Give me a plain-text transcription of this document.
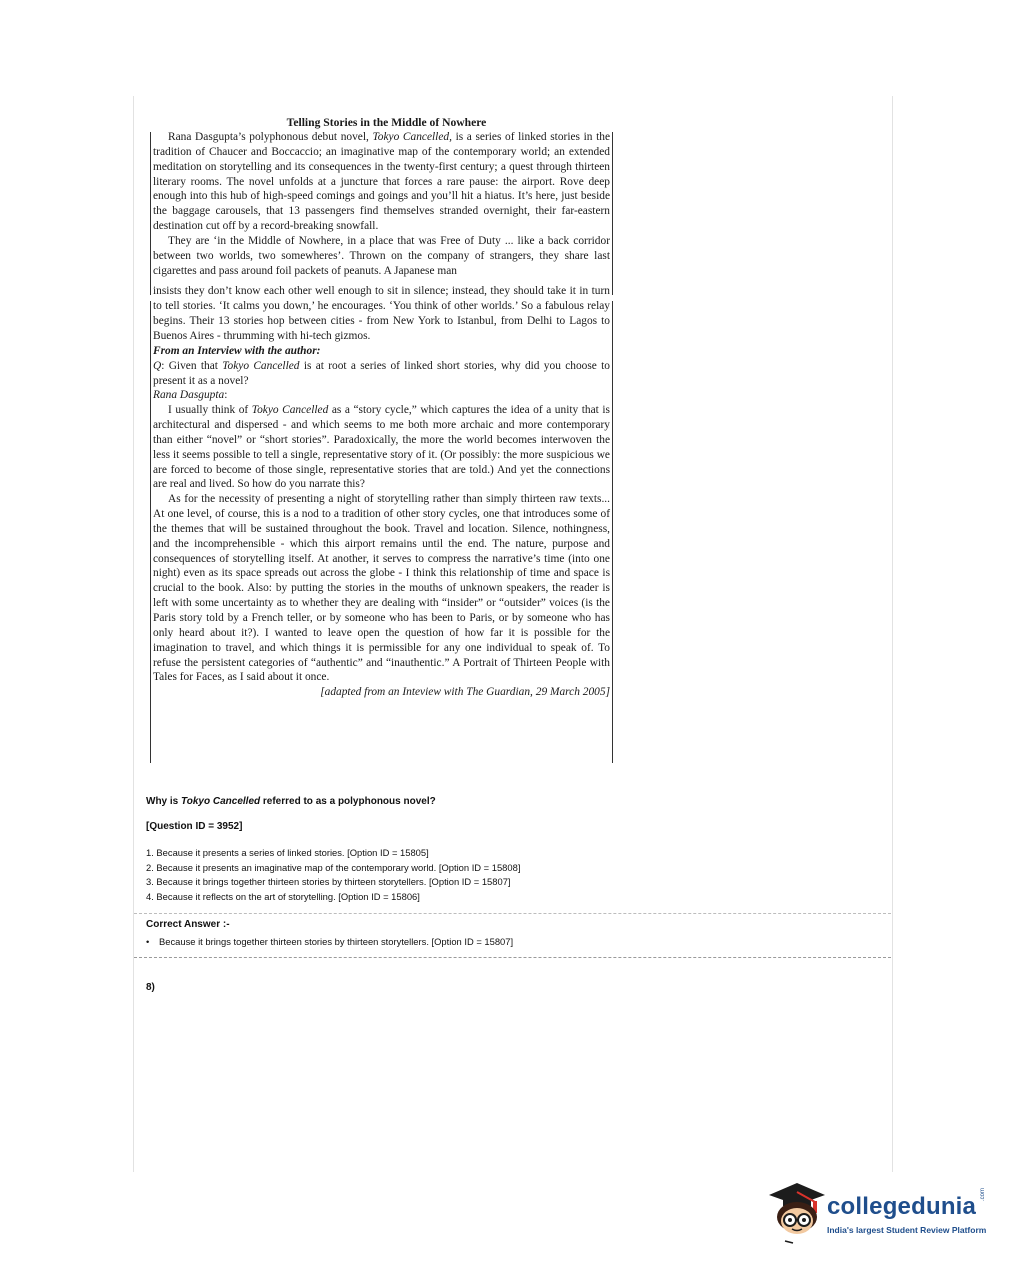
Telling Stories in the Middle of Nowhere

Rana Dasgupta’s polyphonous debut novel, Tokyo Cancelled, is a series of linked stories in the tradition of Chaucer and Boccaccio; an imaginative map of the contemporary world; an extended meditation on storytelling and its consequences in the twenty-first century; a quest through thirteen literary rooms. The novel unfolds at a juncture that forces a rare pause: the airport. Rove deep enough into this hub of high-speed comings and goings and you’ll hit a hiatus. It’s here, just beside the baggage carousels, that 13 passengers find themselves stranded overnight, their far-eastern destination cut off by a record-breaking snowfall.

They are ‘in the Middle of Nowhere, in a place that was Free of Duty ... like a back corridor between two worlds, two somewheres’. Thrown on the company of strangers, they share last cigarettes and pass around foil packets of peanuts. A Japanese man

insists they don’t know each other well enough to sit in silence; instead, they should take it in turn to tell stories. ‘It calms you down,’ he encourages. ‘You think of other worlds.’ So a fabulous relay begins. Their 13 stories hop between cities - from New York to Istanbul, from Delhi to Lagos to Buenos Aires - thrumming with hi-tech gizmos.

From an Interview with the author:

Q: Given that Tokyo Cancelled is at root a series of linked short stories, why did you choose to present it as a novel?

Rana Dasgupta:

I usually think of Tokyo Cancelled as a “story cycle,” which captures the idea of a unity that is architectural and dispersed - and which seems to me both more archaic and more contemporary than either “novel” or “short stories”. Paradoxically, the more the world becomes interwoven the less it seems possible to tell a single, representative story of it. (Or possibly: the more suspicious we are forced to become of those single, representative stories that are told.) And yet the connections are real and lived. So how do you narrate this?

As for the necessity of presenting a night of storytelling rather than simply thirteen raw texts... At one level, of course, this is a nod to a tradition of other story cycles, one that introduces some of the themes that will be sustained throughout the book. Travel and location. Silence, nothingness, and the incomprehensible - which this airport remains until the end. The nature, purpose and consequences of storytelling itself. At another, it serves to compress the narrative’s time (into one night) even as its space spreads out across the globe - I think this relationship of time and space is crucial to the book. Also: by putting the stories in the mouths of unknown speakers, the reader is left with some uncertainty as to whether they are dealing with “insider” or “outsider” voices (is the Paris story told by a French teller, or by someone who has been to Paris, or by someone who has only heard about it?). I wanted to leave open the question of how far it is possible for the imagination to travel, and which things it is permissible for any one individual to speak of. To refuse the persistent categories of “authentic” and “inauthentic.” A Portrait of Thirteen People with Tales for Faces, as I said about it once.

[adapted from an Inteview with The Guardian, 29 March 2005]

Why is Tokyo Cancelled referred to as a polyphonous novel?
[Question ID = 3952]
1. Because it presents a series of linked stories. [Option ID = 15805]
2. Because it presents an imaginative map of the contemporary world. [Option ID = 15808]
3. Because it brings together thirteen stories by thirteen storytellers. [Option ID = 15807]
4. Because it reflects on the art of storytelling. [Option ID = 15806]
Correct Answer :-
• Because it brings together thirteen stories by thirteen storytellers. [Option ID = 15807]
8)
collegedunia .com
India's largest Student Review Platform
